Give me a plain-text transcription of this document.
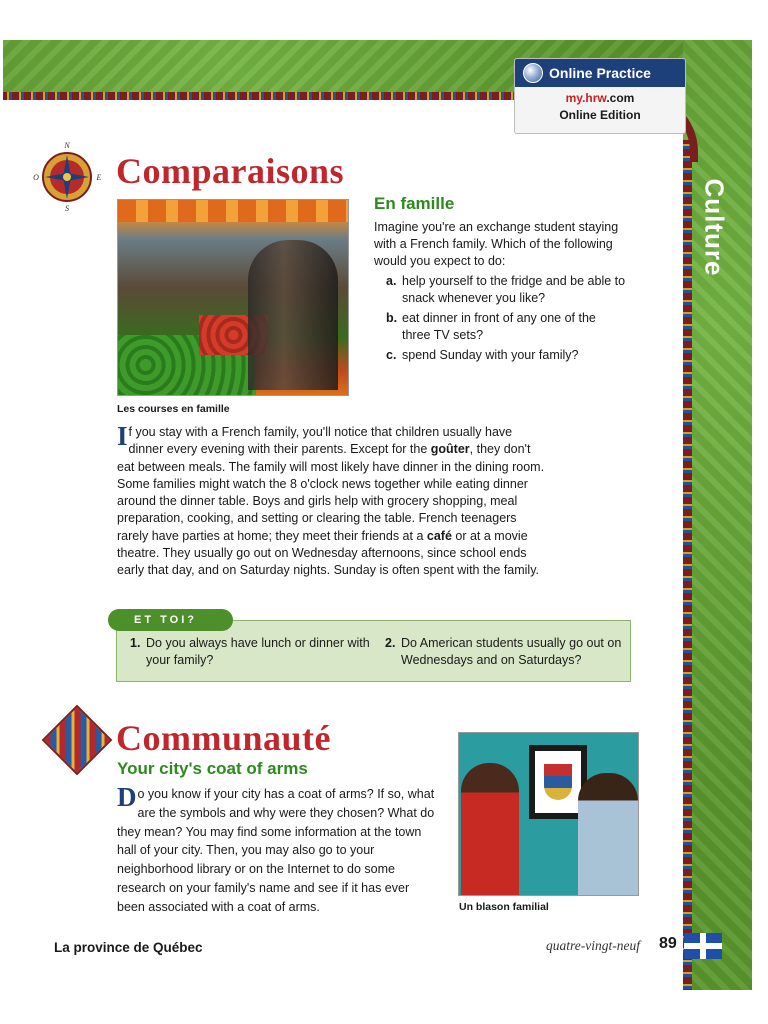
Culture
Online Practice
my.hrw.com
Online Edition
N
E
S
O Comparaisons
Les courses en famille
En famille
Imagine you're an exchange student staying with a French family. Which of the following would you expect to do:
a. help yourself to the fridge and be able to snack whenever you like?
b. eat dinner in front of any one of the three TV sets?
c. spend Sunday with your family?
If you stay with a French family, you'll notice that children usually have dinner every evening with their parents. Except for the goûter, they don't eat between meals. The family will most likely have dinner in the dining room. Some families might watch the 8 o'clock news together while eating dinner around the dinner table. Boys and girls help with grocery shopping, meal preparation, cooking, and setting or clearing the table. French teenagers rarely have parties at home; they meet their friends at a café or at a movie theatre. They usually go out on Wednesday afternoons, since school ends early that day, and on Saturday nights. Sunday is often spent with the family.
ET TOI?
1. Do you always have lunch or dinner with your family?
2. Do American students usually go out on Wednesdays and on Saturdays?
Communauté
Your city's coat of arms
Do you know if your city has a coat of arms? If so, what are the symbols and why were they chosen? What do they mean? You may find some information at the town hall of your city. Then, you may also go to your neighborhood library or on the Internet to do some research on your family's name and see if it has ever been associated with a coat of arms.	Un blason familial
La province de Québec	quatre-vingt-neuf 89
